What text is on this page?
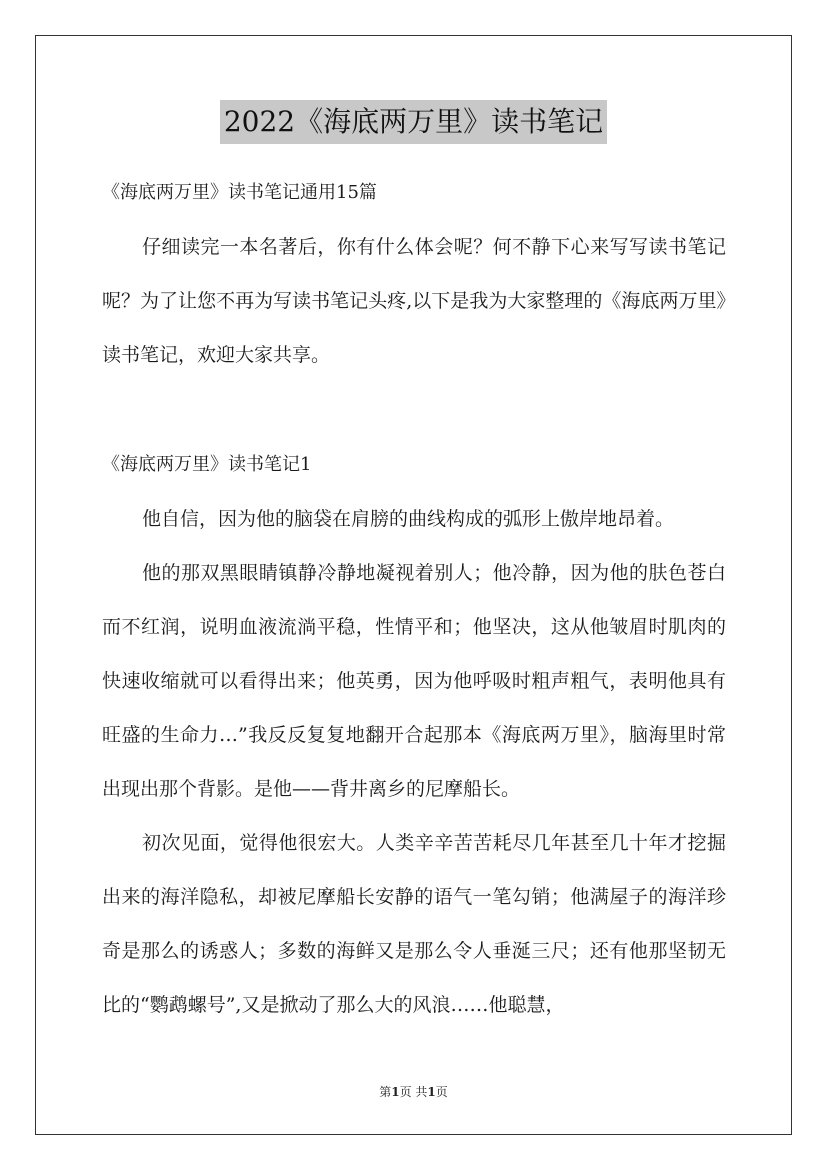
2022《海底两万里》读书笔记
《海底两万里》读书笔记通用15篇

仔细读完一本名著后，你有什么体会呢？何不静下心来写写读书笔记呢？为了让您不再为写读书笔记头疼,以下是我为大家整理的《海底两万里》读书笔记，欢迎大家共享。

《海底两万里》读书笔记1

他自信，因为他的脑袋在肩膀的曲线构成的弧形上傲岸地昂着。

他的那双黑眼睛镇静冷静地凝视着别人；他冷静，因为他的肤色苍白而不红润，说明血液流淌平稳，性情平和；他坚决，这从他皱眉时肌肉的快速收缩就可以看得出来；他英勇，因为他呼吸时粗声粗气，表明他具有旺盛的生命力…”我反反复复地翻开合起那本《海底两万里》，脑海里时常出现出那个背影。是他——背井离乡的尼摩船长。

初次见面，觉得他很宏大。人类辛辛苦苦耗尽几年甚至几十年才挖掘出来的海洋隐私，却被尼摩船长安静的语气一笔勾销；他满屋子的海洋珍奇是那么的诱惑人；多数的海鲜又是那么令人垂涎三尺；还有他那坚韧无比的“鹦鹉螺号”,又是掀动了那么大的风浪……他聪慧，

第1页 共1页
